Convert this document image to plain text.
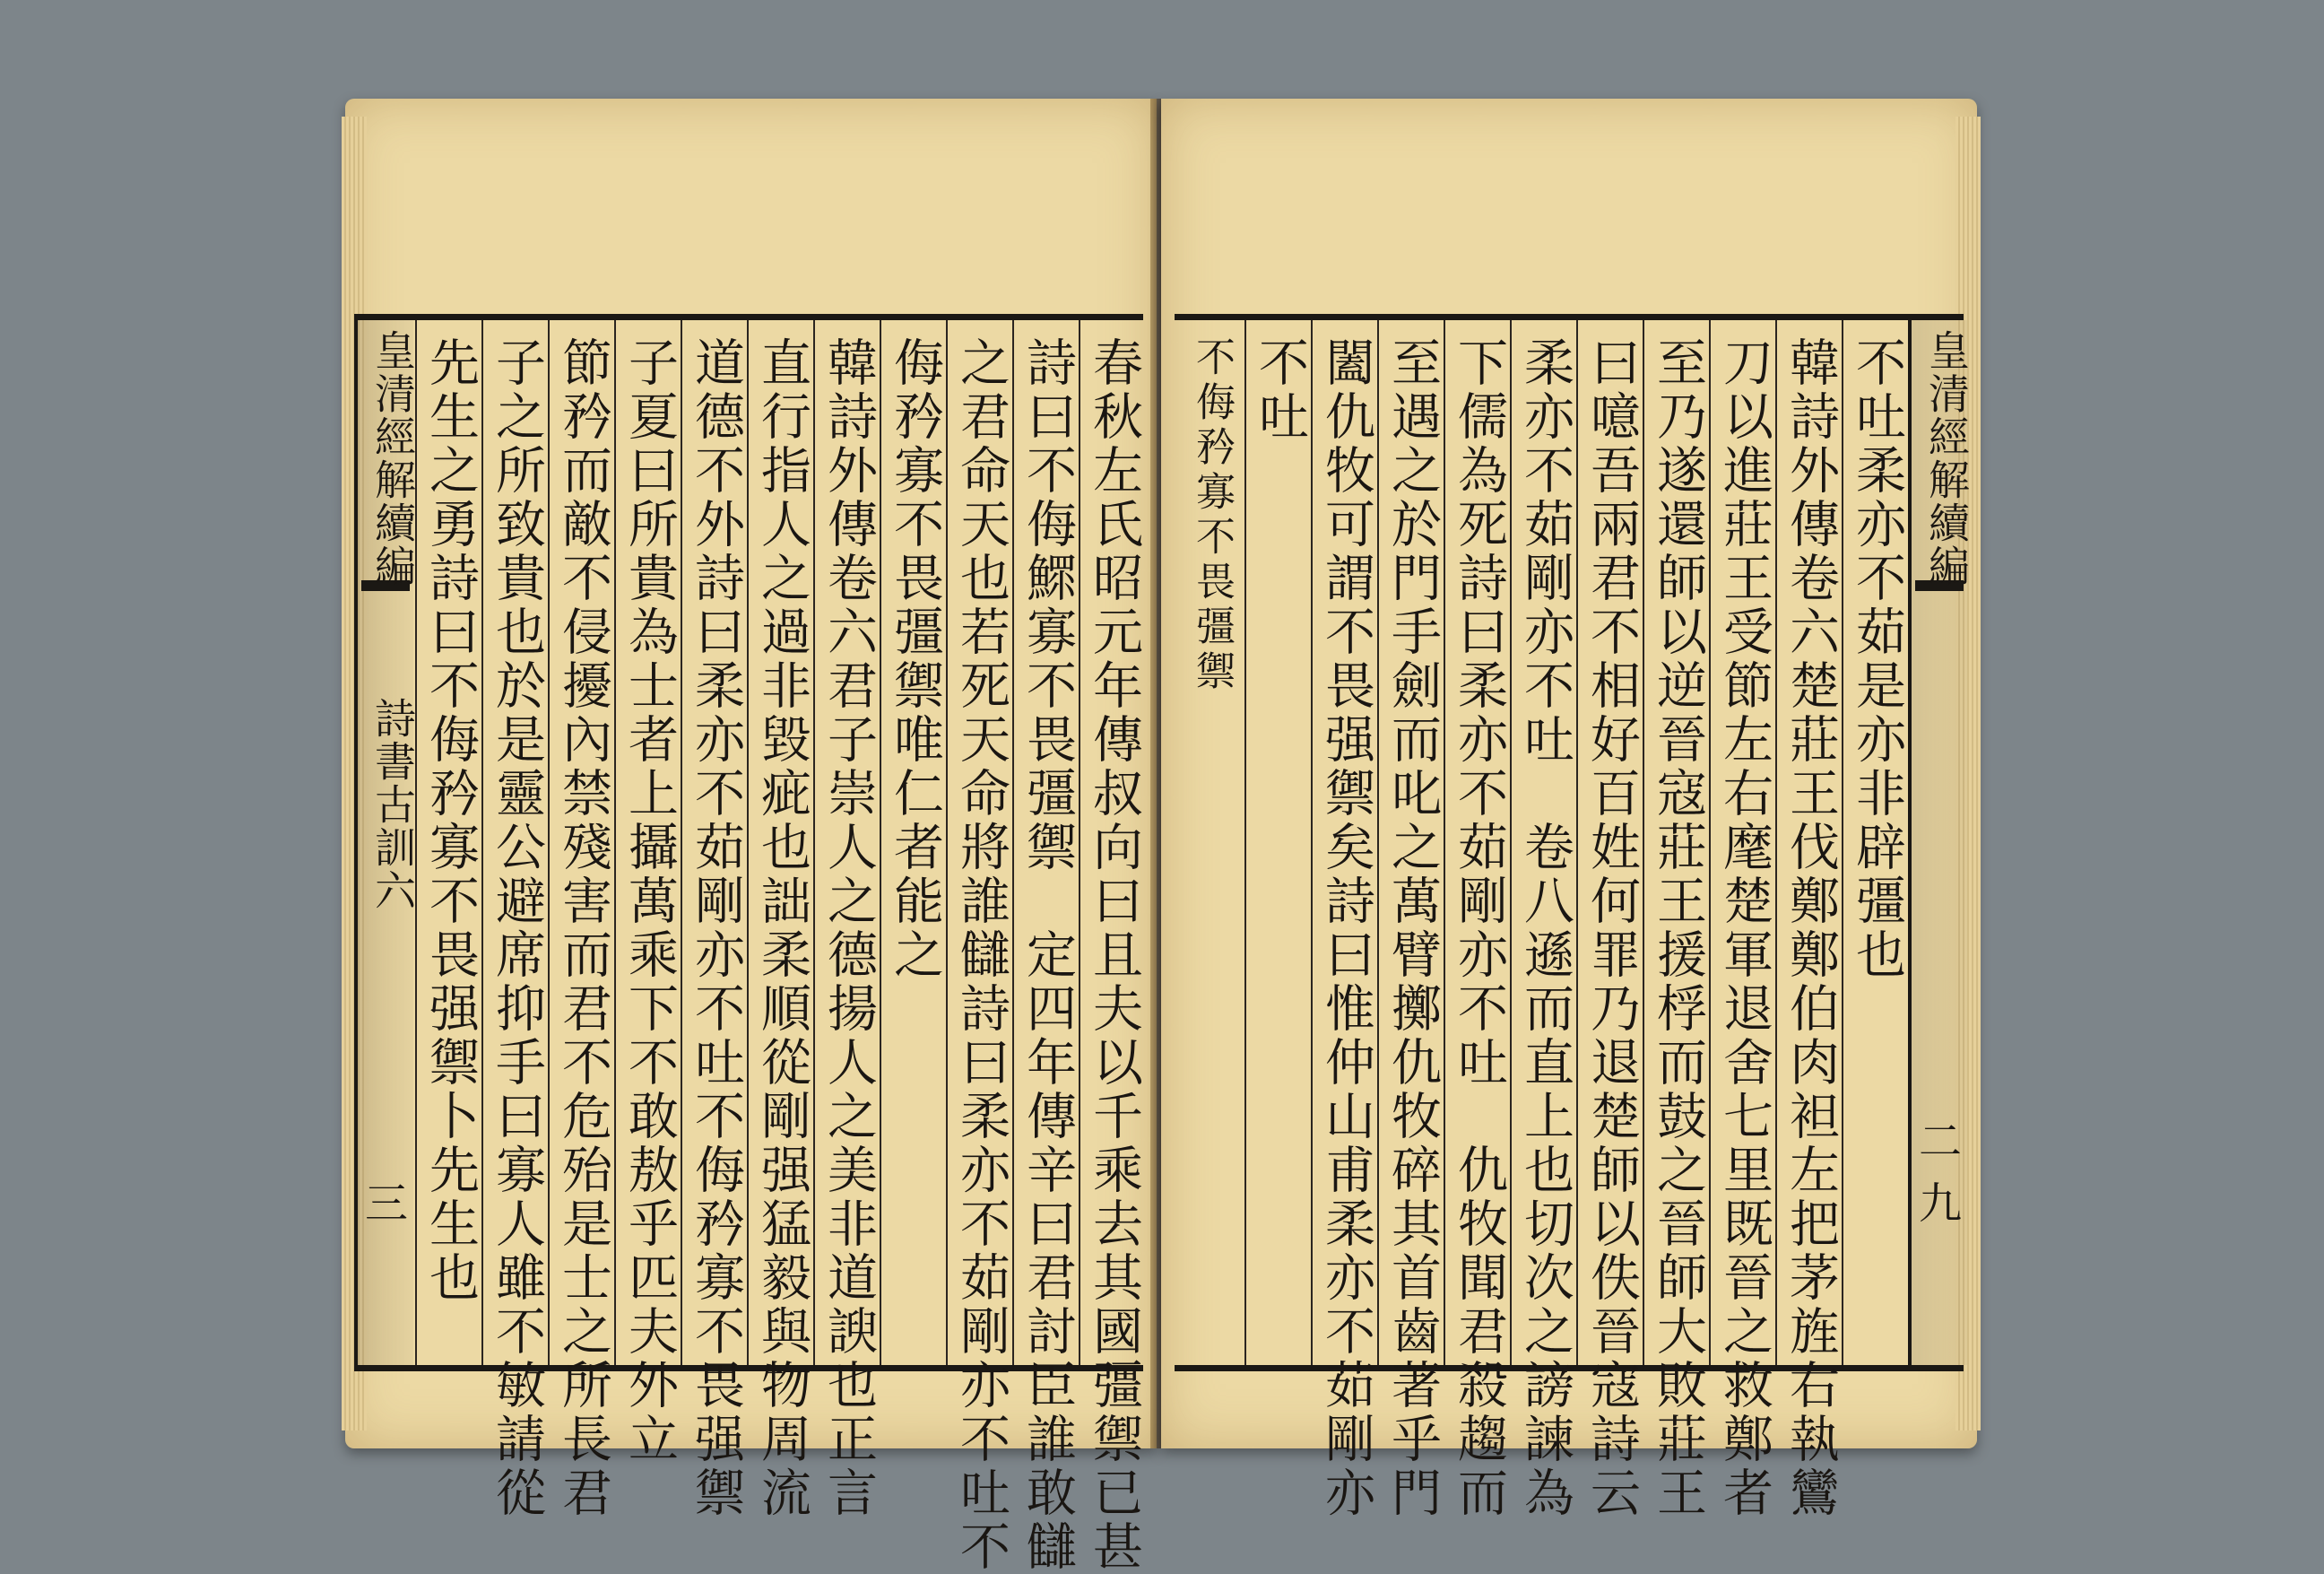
春秋左氏昭元年傳叔向曰且夫以千乘去其國彊禦已甚
詩曰不侮鰥寡不畏彊禦　定四年傳辛曰君討臣誰敢讎
之君命天也若死天命將誰讎詩曰柔亦不茹剛亦不吐不
侮矜寡不畏彊禦唯仁者能之
韓詩外傳卷六君子崇人之德揚人之美非道諛也正言
直行指人之過非毀疵也詘柔順從剛强猛毅與物周流
道德不外詩曰柔亦不茹剛亦不吐不侮矜寡不畏强禦
子夏曰所貴為士者上攝萬乘下不敢敖乎匹夫外立
節矜而敵不侵擾內禁殘害而君不危殆是士之所長君
子之所致貴也於是靈公避席抑手曰寡人雖不敏請從
先生之勇詩曰不侮矜寡不畏强禦卜先生也
皇清經解續編
詩書古訓六
三
皇清經解續編
二九
不吐柔亦不茹是亦非辟彊也
韓詩外傳卷六楚莊王伐鄭鄭伯肉袒左把茅旌右執鸞
刀以進莊王受節左右麾楚軍退舍七里既晉之救鄭者
至乃遂還師以逆晉寇莊王援桴而鼓之晉師大敗莊王
曰噫吾兩君不相好百姓何罪乃退楚師以佚晉寇詩云
柔亦不茹剛亦不吐　卷八遜而直上也切次之謗諫為
下儒為死詩曰柔亦不茹剛亦不吐　仇牧聞君殺趨而
至遇之於門手劍而叱之萬臂擲仇牧碎其首齒著乎門
闔仇牧可謂不畏强禦矣詩曰惟仲山甫柔亦不茹剛亦
不吐
不侮矜寡不畏彊禦
